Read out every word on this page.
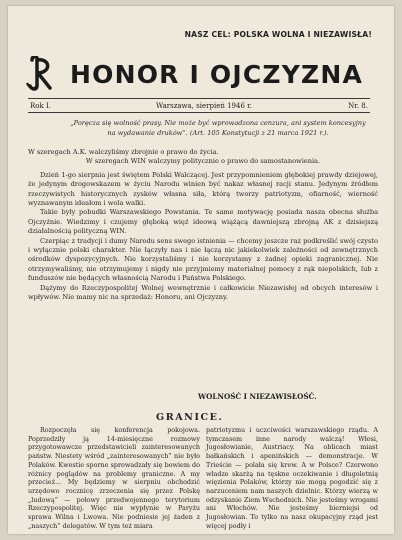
NASZ CEL: POLSKA WOLNA I NIEZAWISŁA!
HONOR I OJCZYZNA
Rok I.	Warszawa, sierpień 1946 r.	Nr. 8.
„Poręcza się wolność prasy. Nie może być wprowadzona cenzura, ani system koncesyjny na wydawanie druków”. (Art. 105 Konstytucji z 21 marca 1921 r.).

W szeregach A.K. walczyliśmy zbrojnie o prawo do życia.

W szeregach WIN walczymy politycznie o prawo do samostanowienia.

Dzień 1-go sierpnia jest świętem Polski Walczącej. Jest przypomnieniem głębokiej prawdy dziejowej, że jedynym drogowskazem w życiu Narodu winien być nakaz własnej racji stanu. Jedynym źródłem rzeczywistych historycznych zysków własna siła, którą tworzy patriotyzm, ofiarność, wierność wyznawanym ideałom i wola walki.

Takie były pobudki Warszawskiego Powstania. Te same motywację posiada nasza obecna służba Ojczyźnie. Wiedzimy i czujemy głęboką więź ideową wiążącą dawniejszą zbrojną AK z dzisiejszą działalnością polityczną WIN.

Czerpiąc z tradycji i dumy Narodu sens swego istnienia — chcemy jeszcze raz podkreślić swój czysto i wyłącznie polski charakter. Nie łączyły nas i nie łączą nic jakiekolwiek zależności od zewnętrznych ośrodków dyspozycyjnych. Nie korzystaliśmy i nie korzystamy z żadnej opieki zagranicznej. Nie otrzymywaliśmy, nie otrzymujemy i nigdy nie przyjmiemy materialnej pomocy z rąk niepolskich, lub z funduszów nie będących własnością Narodu i Państwa Polskiego.

Dążymy do Rzeczypospolitej Wolnej wewnętrznie i całkowicie Niezawisłej od obcych interesów i wpływów. Nie mamy nic na sprzedaż: Honoru, ani Ojczyzny.

WOLNOŚĆ I NIEZAWISŁOŚĆ.
GRANICE.

Rozpoczęła się konferencja pokojowa. Poprzedziły ją 14-miesięczne rozmowy przygotowawcze przedstawicieli zainteresowanych państw. Niestety wśród „zainteresowanych” nie było Polaków. Kwestie sporne sprowadzały się bowiem do różnicy poglądów na problemy graniczne. A my przecież... My będziemy w sierpniu obchodzić urzędowo rocznicę zrzeczenia się przez Polskę „ludową” — połowy przedwojennego terytorium Rzeczypospolitej. Więc nie wypłynie w Paryżu sprawa Wilna i Lwowa. Nie podniesie jej żaden z „naszych” delegatów. W tym też miara

patriotyzmu i uczciwości warszawskiego rządu. A tymczasem inne narody walczą! Włosi, Jugosłowianie, Austriacy. Na oblicach miast bałkańskich i apenińskich — demonstracje. W Trieście — polała się krew. A w Polsce? Czerwono władze skarżą na tęskne oczekiwanie i długoletnią więzienia Polaków, którzy nie mogą pogodzić się z narzuceniem nam naszych dzielnic. Którzy wierzą w odzyskanie Ziem Wschodnich. Nie jesteśmy wrogami ani Włochów. Nie jesteśmy bierniejsi od Jugosłowian. To tylko na nasz okupacyjny rząd jest więcej podły i
